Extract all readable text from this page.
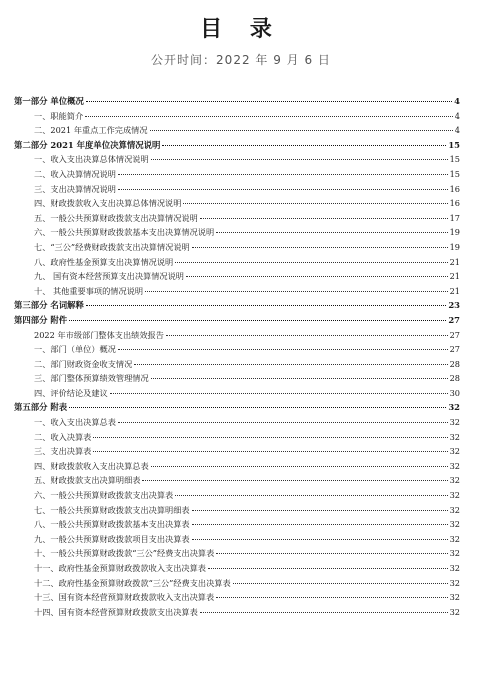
目 录
公开时间：2022 年 9 月 6 日
第一部分 单位概况	4
一、职能简介	4
二、2021 年重点工作完成情况	4
第二部分 2021 年度单位决算情况说明	15
一、收入支出决算总体情况说明	15
二、收入决算情况说明	15
三、支出决算情况说明	16
四、财政拨款收入支出决算总体情况说明	16
五、一般公共预算财政拨款支出决算情况说明	17
六、一般公共预算财政拨款基本支出决算情况说明	19
七、“三公”经费财政拨款支出决算情况说明	19
八、政府性基金预算支出决算情况说明	21
九、 国有资本经营预算支出决算情况说明	21
十、 其他重要事项的情况说明	21
第三部分 名词解释	23
第四部分 附件	27
2022 年市级部门整体支出绩效报告	27
一、部门（单位）概况	27
二、部门财政资金收支情况	28
三、部门整体预算绩效管理情况	28
四、评价结论及建议	30
第五部分 附表	32
一、收入支出决算总表	32
二、收入决算表	32
三、支出决算表	32
四、财政拨款收入支出决算总表	32
五、财政拨款支出决算明细表	32
六、一般公共预算财政拨款支出决算表	32
七、一般公共预算财政拨款支出决算明细表	32
八、一般公共预算财政拨款基本支出决算表	32
九、一般公共预算财政拨款项目支出决算表	32
十、一般公共预算财政拨款“三公”经费支出决算表	32
十一、政府性基金预算财政拨款收入支出决算表	32
十二、政府性基金预算财政拨款“三公”经费支出决算表	32
十三、国有资本经营预算财政拨款收入支出决算表	32
十四、国有资本经营预算财政拨款支出决算表	32
